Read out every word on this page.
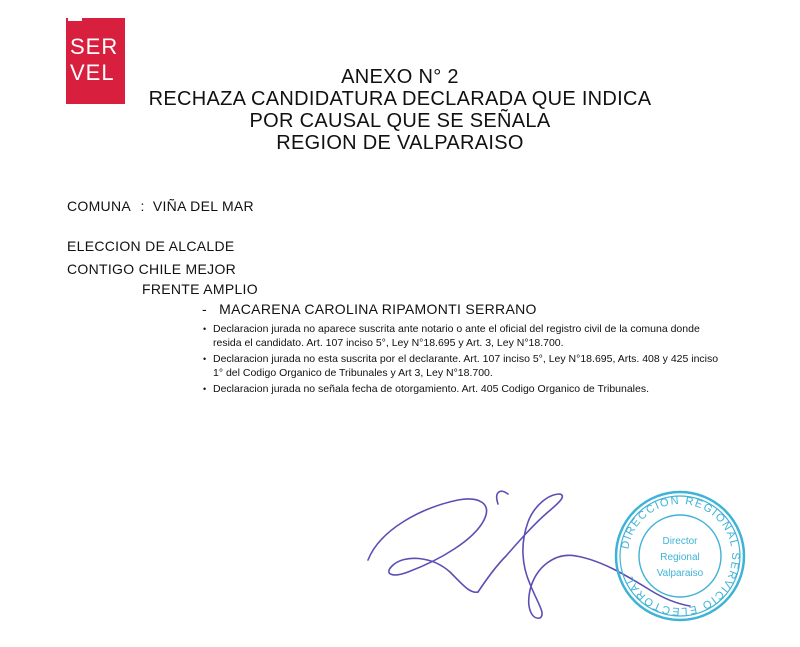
SER
VEL	ANEXO N° 2
RECHAZA CANDIDATURA DECLARADA QUE INDICA
POR CAUSAL QUE SE SEÑALA
REGION DE VALPARAISO
COMUNA : VIÑA DEL MAR
ELECCION DE ALCALDE
CONTIGO CHILE MEJOR
FRENTE AMPLIO
- MACARENA CAROLINA RIPAMONTI SERRANO
• Declaracion jurada no aparece suscrita ante notario o ante el oficial del registro civil de la comuna donde resida el candidato. Art. 107 inciso 5°, Ley N°18.695 y Art. 3, Ley N°18.700.
• Declaracion jurada no esta suscrita por el declarante. Art. 107 inciso 5°, Ley N°18.695, Arts. 408 y 425 inciso 1° del Codigo Organico de Tribunales y Art 3, Ley N°18.700.
• Declaracion jurada no señala fecha de otorgamiento. Art. 405 Codigo Organico de Tribunales.
DIRECCION REGIONAL SERVICIO ELECTORAL
Director
Regional
Valparaiso
